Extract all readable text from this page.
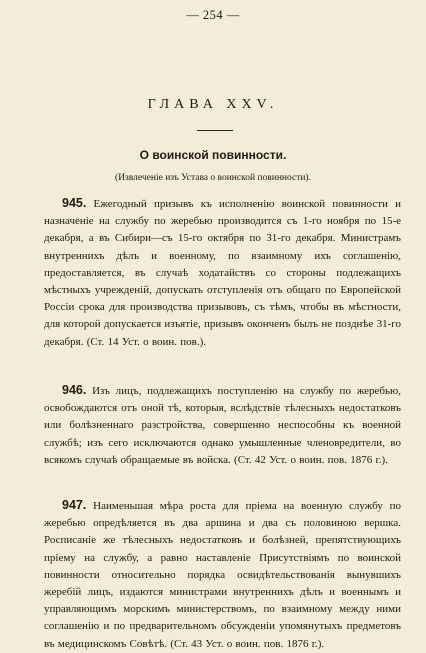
— 254 —
ГЛАВА XXV.
О воинской повинности.
(Извлеченіе изъ Устава о воинской повинности).

945. Ежегодный призывъ къ исполненію воинской повинности и назначеніе на службу по жеребью производится съ 1-го ноября по 15-е декабря, а въ Сибири—съ 15-го октября по 31-го декабря. Министрамъ внутреннихъ дѣлъ и военному, по взаимному ихъ соглашенію, предоставляется, въ случаѣ ходатайствъ со стороны подлежащихъ мѣстныхъ учрежденій, допускать отступленія отъ общаго по Европейской Россіи срока для производства призывовъ, съ тѣмъ, чтобы въ мѣстности, для которой допускается изъятіе, призывъ оконченъ былъ не позднѣе 31-го декабря. (Ст. 14 Уст. о воин. пов.).

946. Изъ лицъ, подлежащихъ поступленію на службу по жеребью, освобождаются отъ оной тѣ, которыя, вслѣдствіе тѣлесныхъ недостатковъ или болѣзненнаго разстройства, совершенно неспособны къ военной службѣ; изъ сего исключаются однако умышленные членовредители, во всякомъ случаѣ обращаемые въ войска. (Ст. 42 Уст. о воин. пов. 1876 г.).

947. Наименьшая мѣра роста для пріема на военную службу по жеребью опредѣляется въ два аршина и два съ половиною вершка. Росписаніе же тѣлесныхъ недостатковъ и болѣзней, препятствующихъ пріему на службу, а равно наставленіе Присутствіямъ по воинской повинности относительно порядка освидѣтельствованія вынувшихъ жеребій лицъ, издаются министрами внутреннихъ дѣлъ и военнымъ и управляющимъ морскимъ министерствомъ, по взаимному между ними соглашенію и по предварительномъ обсужденіи упомянутыхъ предметовъ въ медицинскомъ Совѣтѣ. (Ст. 43 Уст. о воин. пов. 1876 г.).
